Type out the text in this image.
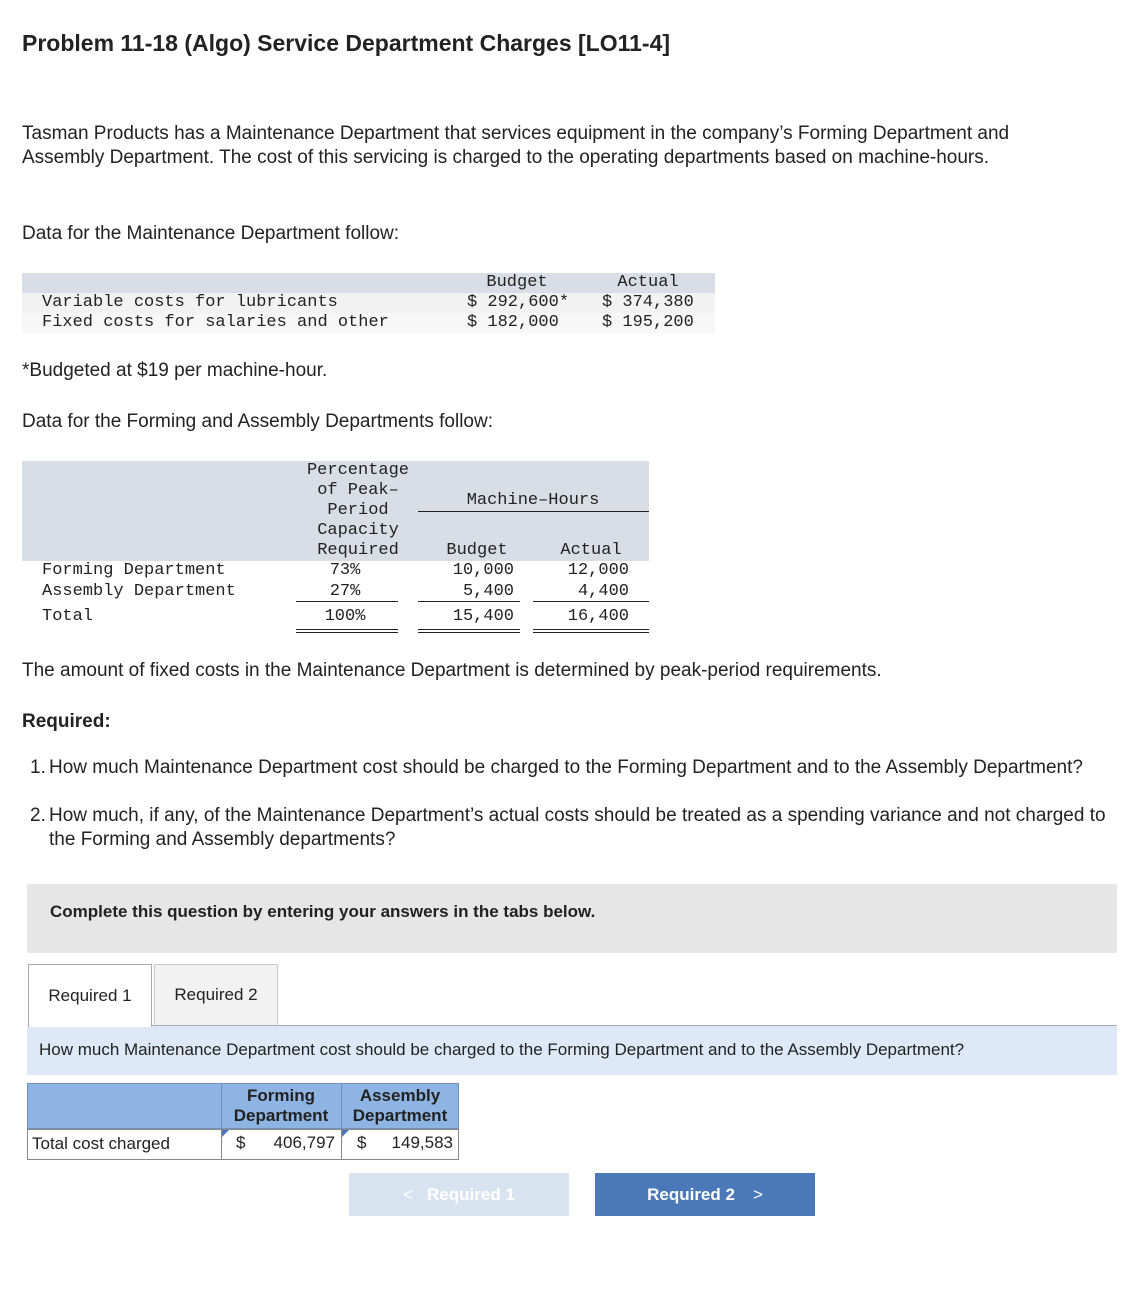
Problem 11-18 (Algo) Service Department Charges [LO11-4]
Tasman Products has a Maintenance Department that services equipment in the company’s Forming Department and Assembly Department. The cost of this servicing is charged to the operating departments based on machine-hours.
Data for the Maintenance Department follow:
Budget	Actual
Variable costs for lubricants	$ 292,600* $ 374,380
Fixed costs for salaries and other	$ 182,000	$ 195,200
*Budgeted at $19 per machine-hour.
Data for the Forming and Assembly Departments follow:
Percentage
of Peak–
Period
Capacity
Required
Machine–Hours
Budget	Actual
Forming Department	73%	10,000	12,000
Assembly Department	27%	5,400	4,400
Total	100%	15,400	16,400
The amount of fixed costs in the Maintenance Department is determined by peak-period requirements.
Required:
1. How much Maintenance Department cost should be charged to the Forming Department and to the Assembly Department?
2. How much, if any, of the Maintenance Department’s actual costs should be treated as a spending variance and not charged to the Forming and Assembly departments?
Complete this question by entering your answers in the tabs below.
Required 1	Required 2
How much Maintenance Department cost should be charged to the Forming Department and to the Assembly Department?
Forming
Department
Assembly
Department
Total cost charged	$ 406,797 $ 149,583
< Required 1	Required 2 >
